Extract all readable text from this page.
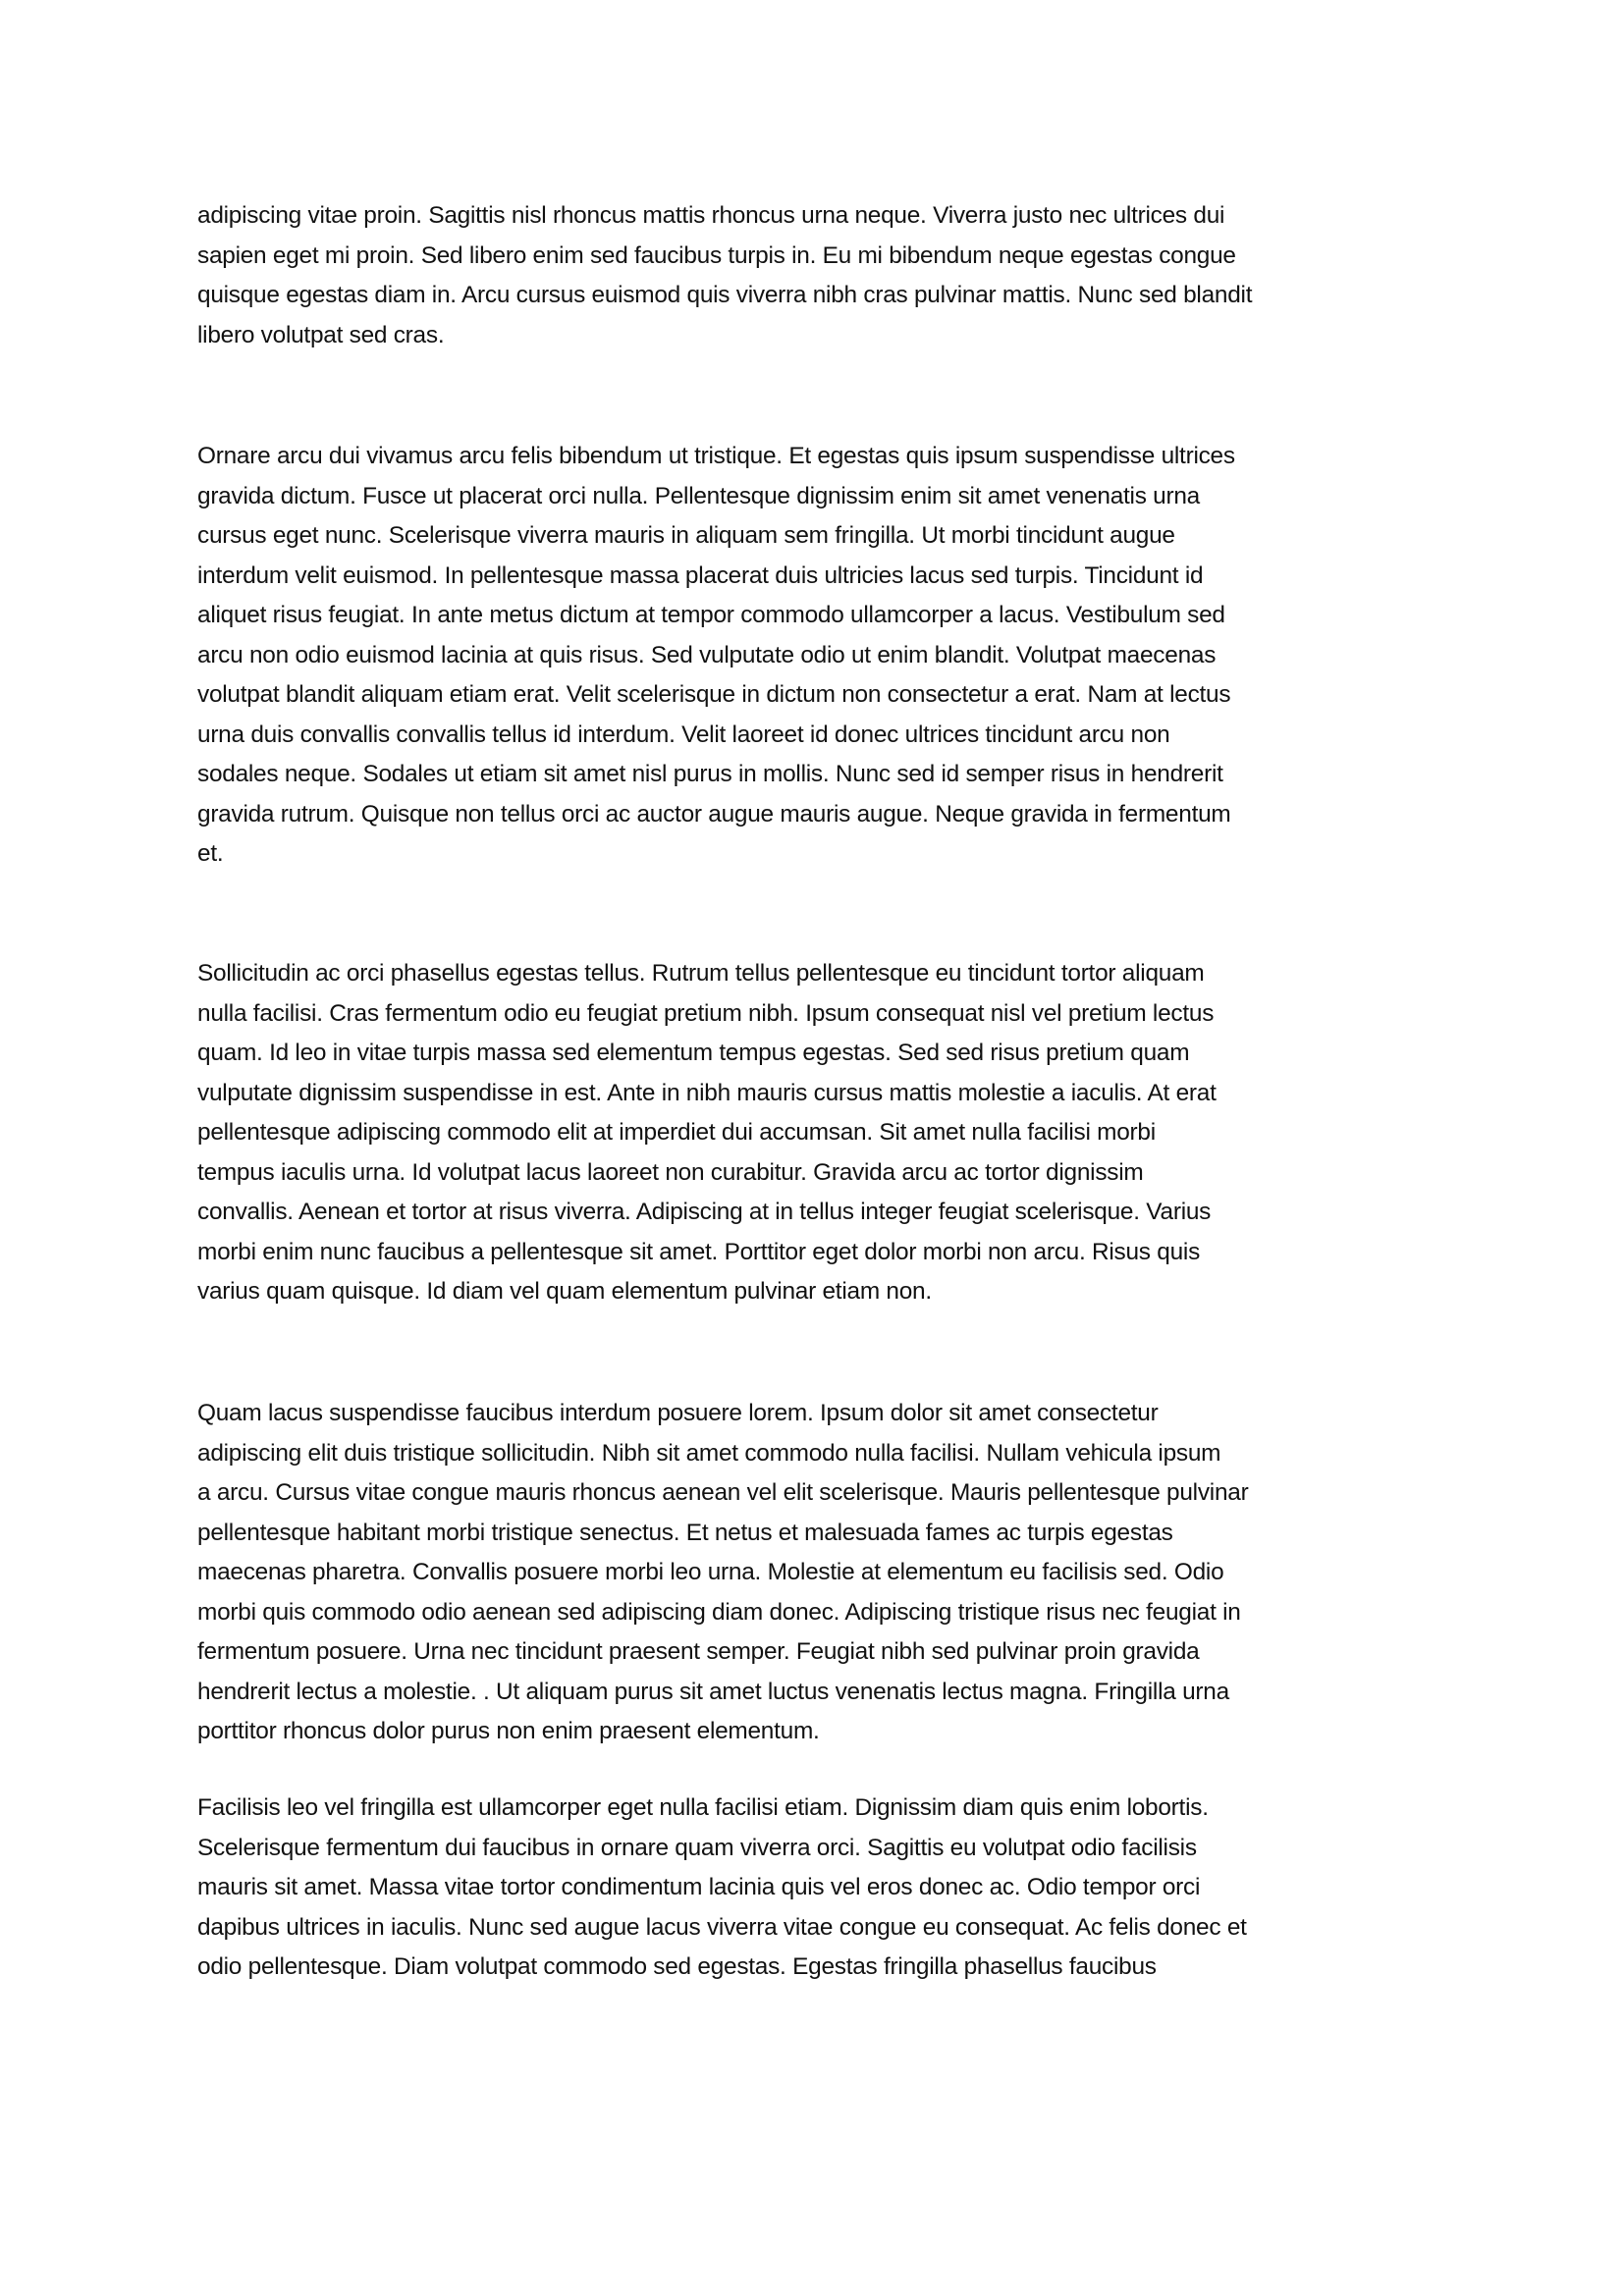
adipiscing vitae proin. Sagittis nisl rhoncus mattis rhoncus urna neque. Viverra justo nec ultrices dui
sapien eget mi proin. Sed libero enim sed faucibus turpis in. Eu mi bibendum neque egestas congue
quisque egestas diam in. Arcu cursus euismod quis viverra nibh cras pulvinar mattis. Nunc sed blandit
libero volutpat sed cras.
Ornare arcu dui vivamus arcu felis bibendum ut tristique. Et egestas quis ipsum suspendisse ultrices
gravida dictum. Fusce ut placerat orci nulla. Pellentesque dignissim enim sit amet venenatis urna
cursus eget nunc. Scelerisque viverra mauris in aliquam sem fringilla. Ut morbi tincidunt augue
interdum velit euismod. In pellentesque massa placerat duis ultricies lacus sed turpis. Tincidunt id
aliquet risus feugiat. In ante metus dictum at tempor commodo ullamcorper a lacus. Vestibulum sed
arcu non odio euismod lacinia at quis risus. Sed vulputate odio ut enim blandit. Volutpat maecenas
volutpat blandit aliquam etiam erat. Velit scelerisque in dictum non consectetur a erat. Nam at lectus
urna duis convallis convallis tellus id interdum. Velit laoreet id donec ultrices tincidunt arcu non
sodales neque. Sodales ut etiam sit amet nisl purus in mollis. Nunc sed id semper risus in hendrerit
gravida rutrum. Quisque non tellus orci ac auctor augue mauris augue. Neque gravida in fermentum
et.
Sollicitudin ac orci phasellus egestas tellus. Rutrum tellus pellentesque eu tincidunt tortor aliquam
nulla facilisi. Cras fermentum odio eu feugiat pretium nibh. Ipsum consequat nisl vel pretium lectus
quam. Id leo in vitae turpis massa sed elementum tempus egestas. Sed sed risus pretium quam
vulputate dignissim suspendisse in est. Ante in nibh mauris cursus mattis molestie a iaculis. At erat
pellentesque adipiscing commodo elit at imperdiet dui accumsan. Sit amet nulla facilisi morbi
tempus iaculis urna. Id volutpat lacus laoreet non curabitur. Gravida arcu ac tortor dignissim
convallis. Aenean et tortor at risus viverra. Adipiscing at in tellus integer feugiat scelerisque. Varius
morbi enim nunc faucibus a pellentesque sit amet. Porttitor eget dolor morbi non arcu. Risus quis
varius quam quisque. Id diam vel quam elementum pulvinar etiam non.
Quam lacus suspendisse faucibus interdum posuere lorem. Ipsum dolor sit amet consectetur
adipiscing elit duis tristique sollicitudin. Nibh sit amet commodo nulla facilisi. Nullam vehicula ipsum
a arcu. Cursus vitae congue mauris rhoncus aenean vel elit scelerisque. Mauris pellentesque pulvinar
pellentesque habitant morbi tristique senectus. Et netus et malesuada fames ac turpis egestas
maecenas pharetra. Convallis posuere morbi leo urna. Molestie at elementum eu facilisis sed. Odio
morbi quis commodo odio aenean sed adipiscing diam donec. Adipiscing tristique risus nec feugiat in
fermentum posuere. Urna nec tincidunt praesent semper. Feugiat nibh sed pulvinar proin gravida
hendrerit lectus a molestie. . Ut aliquam purus sit amet luctus venenatis lectus magna. Fringilla urna
porttitor rhoncus dolor purus non enim praesent elementum.
Facilisis leo vel fringilla est ullamcorper eget nulla facilisi etiam. Dignissim diam quis enim lobortis.
Scelerisque fermentum dui faucibus in ornare quam viverra orci. Sagittis eu volutpat odio facilisis
mauris sit amet. Massa vitae tortor condimentum lacinia quis vel eros donec ac. Odio tempor orci
dapibus ultrices in iaculis. Nunc sed augue lacus viverra vitae congue eu consequat. Ac felis donec et
odio pellentesque. Diam volutpat commodo sed egestas. Egestas fringilla phasellus faucibus
